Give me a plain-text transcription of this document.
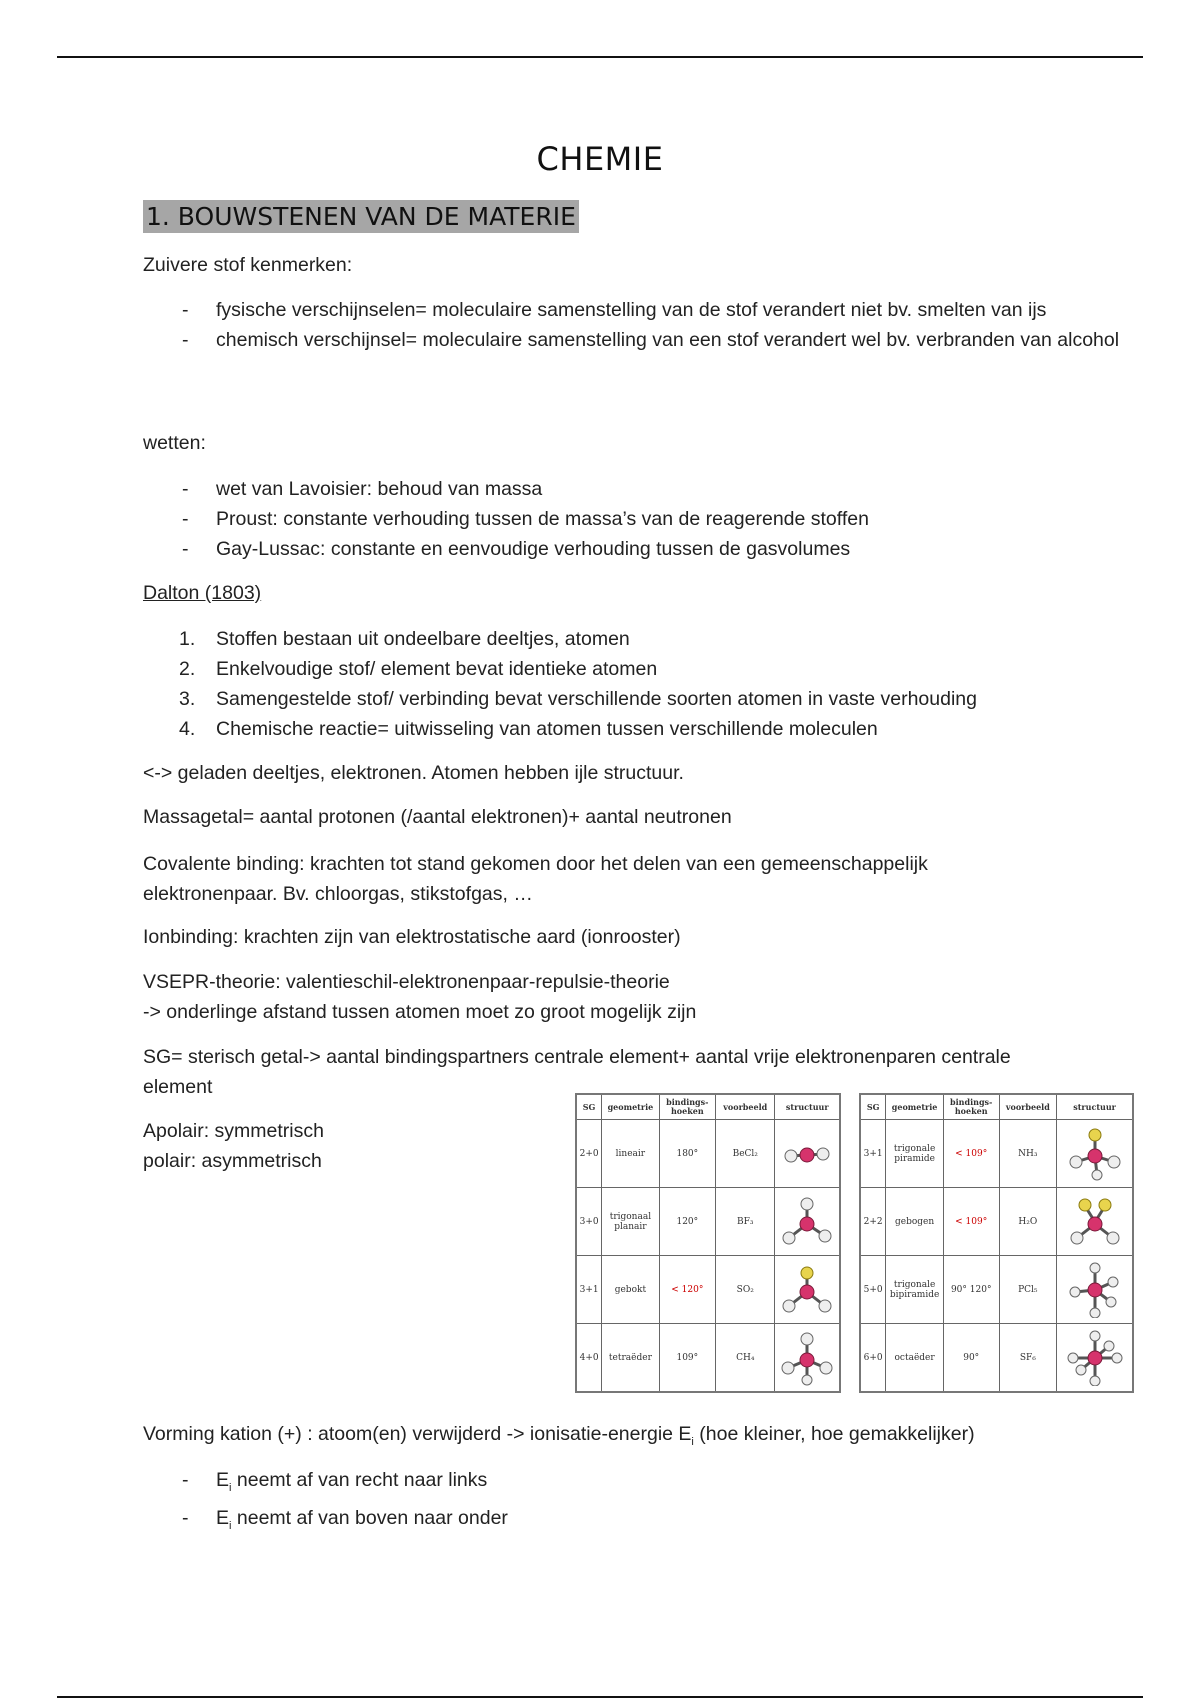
CHEMIE
1. BOUWSTENEN VAN DE MATERIE

Zuivere stof kenmerken:

- fysische verschijnselen= moleculaire samenstelling van de stof verandert niet bv. smelten van ijs
- chemisch verschijnsel= moleculaire samenstelling van een stof verandert wel bv. verbranden van alcohol

wetten:

- wet van Lavoisier: behoud van massa
- Proust: constante verhouding tussen de massa’s van de reagerende stoffen
- Gay-Lussac: constante en eenvoudige verhouding tussen de gasvolumes

Dalton (1803)

1. Stoffen bestaan uit ondeelbare deeltjes, atomen
2. Enkelvoudige stof/ element bevat identieke atomen
3. Samengestelde stof/ verbinding bevat verschillende soorten atomen in vaste verhouding
4. Chemische reactie= uitwisseling van atomen tussen verschillende moleculen

<-> geladen deeltjes, elektronen. Atomen hebben ijle structuur.

Massagetal= aantal protonen (/aantal elektronen)+ aantal neutronen

Covalente binding: krachten tot stand gekomen door het delen van een gemeenschappelijk elektronenpaar. Bv. chloorgas, stikstofgas, …

Ionbinding: krachten zijn van elektrostatische aard (ionrooster)

VSEPR-theorie: valentieschil-elektronenpaar-repulsie-theorie

-> onderlinge afstand tussen atomen moet zo groot mogelijk zijn

SG= sterisch getal-> aantal bindingspartners centrale element+ aantal vrije elektronenparen centrale element

Apolair: symmetrisch

polair: asymmetrisch

SG	geometrie	bindings-hoeken	voorbeeld	structuur
2+0	lineair	180°	BeCl₂	

3+0	trigonaal planair	120°	BF₃	

3+1	gebokt	< 120°	SO₂	

4+0	tetraëder	109°	CH₄	
SG	geometrie	bindings-hoeken	voorbeeld	structuur
3+1	trigonale piramide	< 109°	NH₃	

2+2	gebogen	< 109°	H₂O	

5+0	trigonale bipiramide	90° 120°	PCl₅	

6+0	octaëder	90°	SF₆	

Vorming kation (+) : atoom(en) verwijderd -> ionisatie-energie $E_i$ (hoe kleiner, hoe gemakkelijker)

- $E_i$ neemt af van recht naar links
- $E_i$ neemt af van boven naar onder
